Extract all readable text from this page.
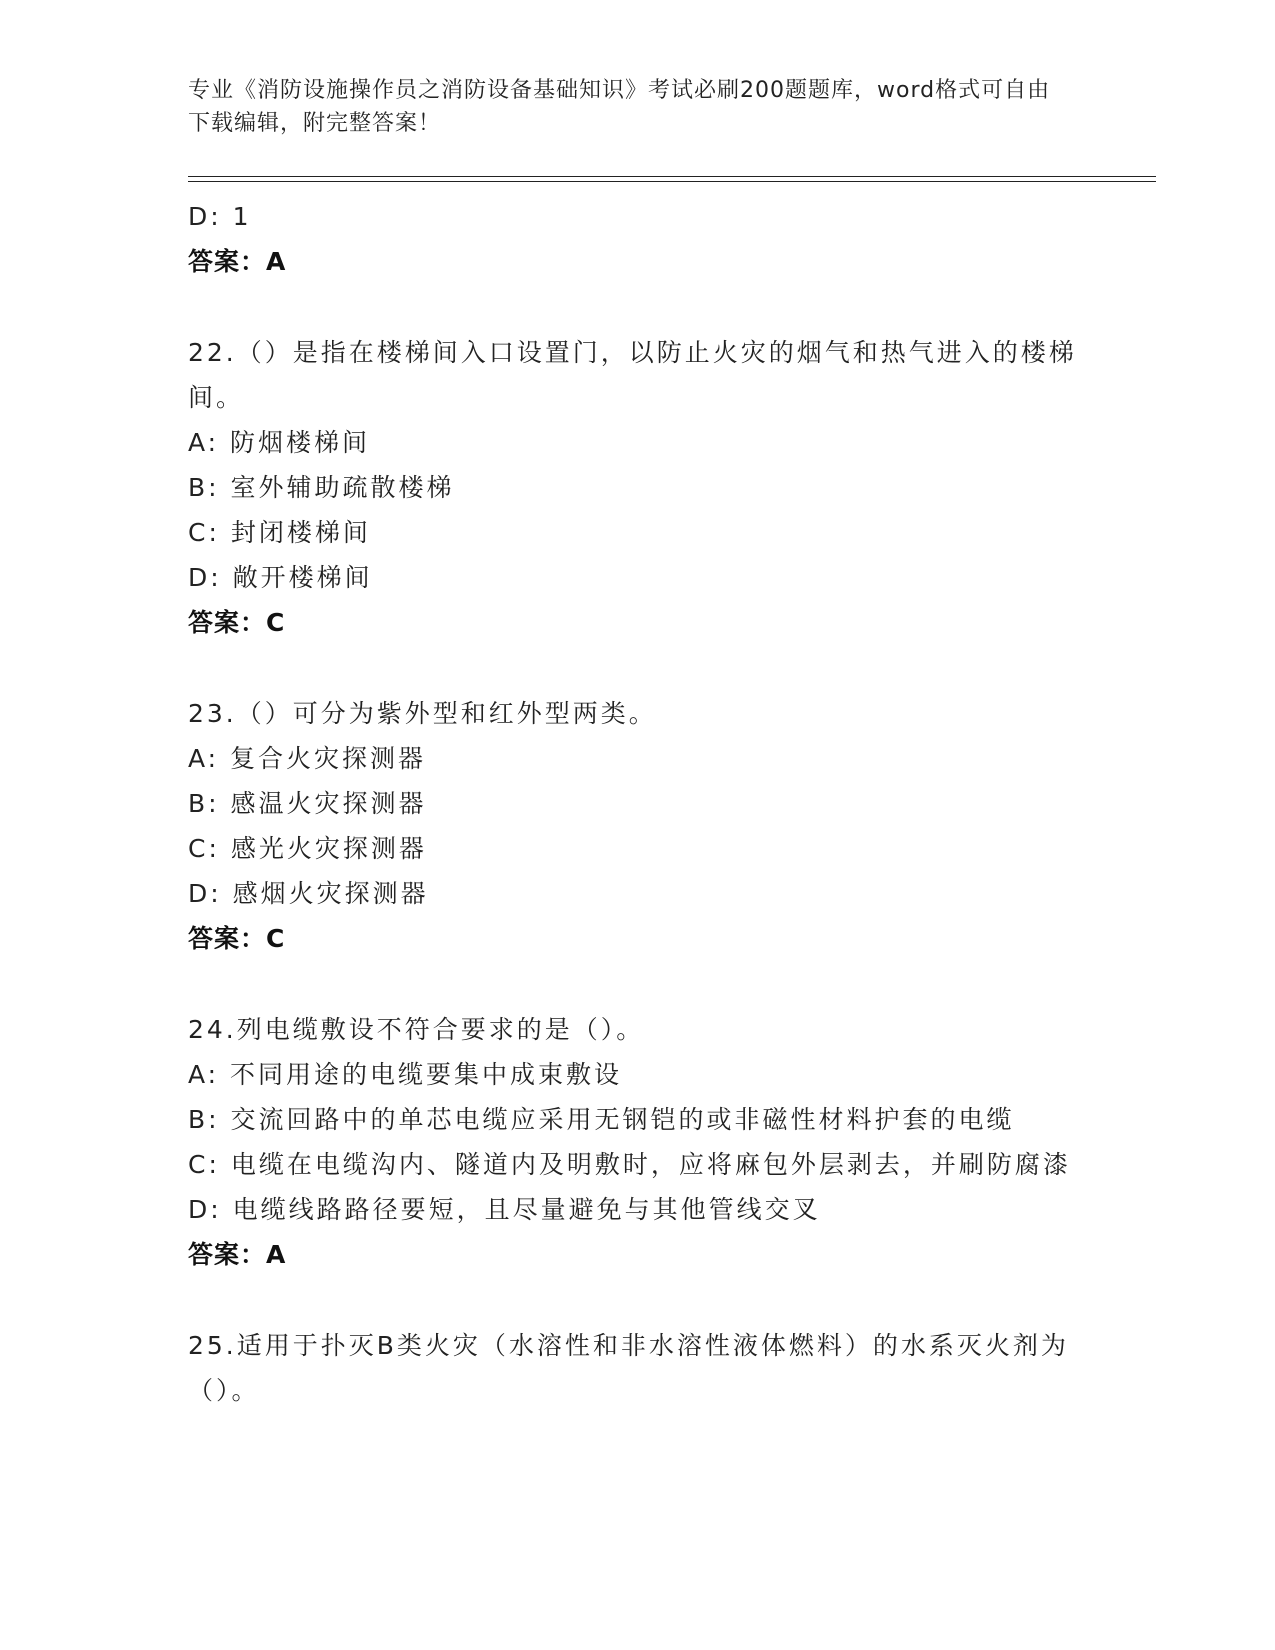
专业《消防设施操作员之消防设备基础知识》考试必刷200题题库，word格式可自由下载编辑，附完整答案！
D: 1
答案：A
22.（）是指在楼梯间入口设置门，以防止火灾的烟气和热气进入的楼梯间。
A: 防烟楼梯间
B: 室外辅助疏散楼梯
C: 封闭楼梯间
D: 敞开楼梯间
答案：C
23.（）可分为紫外型和红外型两类。
A: 复合火灾探测器
B: 感温火灾探测器
C: 感光火灾探测器
D: 感烟火灾探测器
答案：C
24.列电缆敷设不符合要求的是（）。
A: 不同用途的电缆要集中成束敷设
B: 交流回路中的单芯电缆应采用无钢铠的或非磁性材料护套的电缆
C: 电缆在电缆沟内、隧道内及明敷时，应将麻包外层剥去，并刷防腐漆
D: 电缆线路路径要短，且尽量避免与其他管线交叉
答案：A
25.适用于扑灭B类火灾（水溶性和非水溶性液体燃料）的水系灭火剂为（）。
